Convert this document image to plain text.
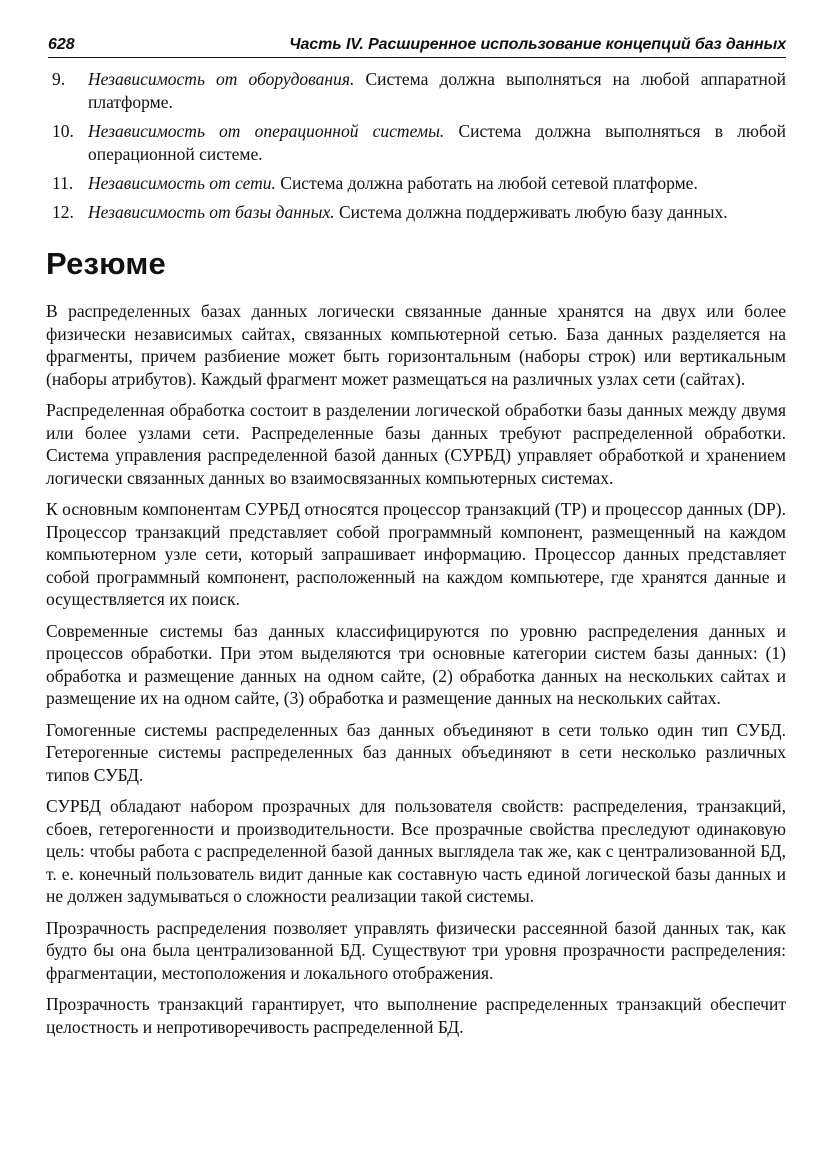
628	Часть IV. Расширенное использование концепций баз данных
9.	Независимость от оборудования. Система должна выполняться на любой аппаратной платформе.
10. Независимость от операционной системы. Система должна выполняться в любой операционной системе.
11. Независимость от сети. Система должна работать на любой сетевой платформе.
12. Независимость от базы данных. Система должна поддерживать любую базу данных.
Резюме

В распределенных базах данных логически связанные данные хранятся на двух или более физически независимых сайтах, связанных компьютерной сетью. База данных разделяется на фрагменты, причем разбиение может быть горизонтальным (наборы строк) или вертикальным (наборы атрибутов). Каждый фрагмент может размещаться на различных узлах сети (сайтах).

Распределенная обработка состоит в разделении логической обработки базы данных между двумя или более узлами сети. Распределенные базы данных требуют распределенной обработки. Система управления распределенной базой данных (СУРБД) управляет обработкой и хранением логически связанных данных во взаимосвязанных компьютерных системах.

К основным компонентам СУРБД относятся процессор транзакций (TP) и процессор данных (DP). Процессор транзакций представляет собой программный компонент, размещенный на каждом компьютерном узле сети, который запрашивает информацию. Процессор данных представляет собой программный компонент, расположенный на каждом компьютере, где хранятся данные и осуществляется их поиск.

Современные системы баз данных классифицируются по уровню распределения данных и процессов обработки. При этом выделяются три основные категории систем базы данных: (1) обработка и размещение данных на одном сайте, (2) обработка данных на нескольких сайтах и размещение их на одном сайте, (3) обработка и размещение данных на нескольких сайтах.

Гомогенные системы распределенных баз данных объединяют в сети только один тип СУБД. Гетерогенные системы распределенных баз данных объединяют в сети несколько различных типов СУБД.

СУРБД обладают набором прозрачных для пользователя свойств: распределения, транзакций, сбоев, гетерогенности и производительности. Все прозрачные свойства преследуют одинаковую цель: чтобы работа с распределенной базой данных выглядела так же, как с централизованной БД, т. е. конечный пользователь видит данные как составную часть единой логической базы данных и не должен задумываться о сложности реализации такой системы.

Прозрачность распределения позволяет управлять физически рассеянной базой данных так, как будто бы она была централизованной БД. Существуют три уровня прозрачности распределения: фрагментации, местоположения и локального отображения.

Прозрачность транзакций гарантирует, что выполнение распределенных транзакций обеспечит целостность и непротиворечивость распределенной БД.
